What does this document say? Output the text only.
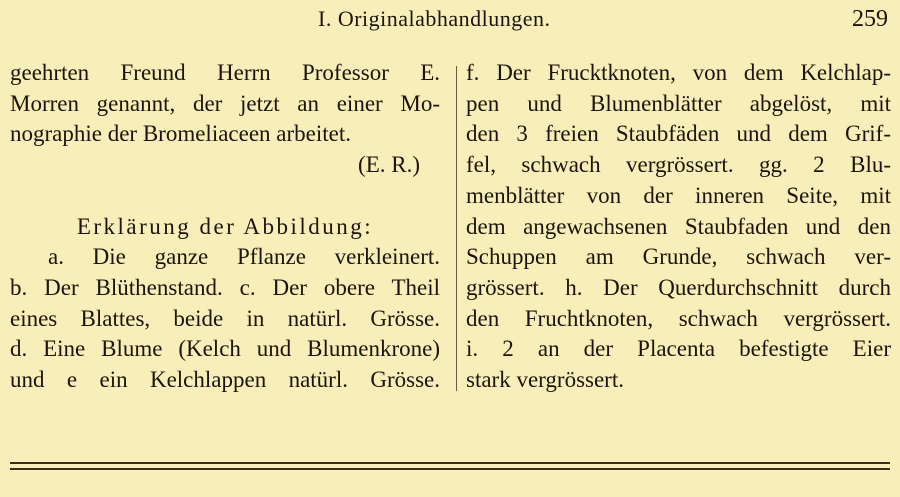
I. Originalabhandlungen.	259
geehrten Freund Herrn Professor E.
Morren genannt, der jetzt an einer Mo-
nographie der Bromeliaceen arbeitet.
(E. R.)
Erklärung der Abbildung:
a. Die ganze Pflanze verkleinert.
b. Der Blüthenstand. c. Der obere Theil
eines Blattes, beide in natürl. Grösse.
d. Eine Blume (Kelch und Blumenkrone)
und e ein Kelchlappen natürl. Grösse.
f. Der Frucktknoten, von dem Kelchlap-
pen und Blumenblätter abgelöst, mit
den 3 freien Staubfäden und dem Grif-
fel, schwach vergrössert. gg. 2 Blu-
menblätter von der inneren Seite, mit
dem angewachsenen Staubfaden und den
Schuppen am Grunde, schwach ver-
grössert. h. Der Querdurchschnitt durch
den Fruchtknoten, schwach vergrössert.
i. 2 an der Placenta befestigte Eier
stark vergrössert.
